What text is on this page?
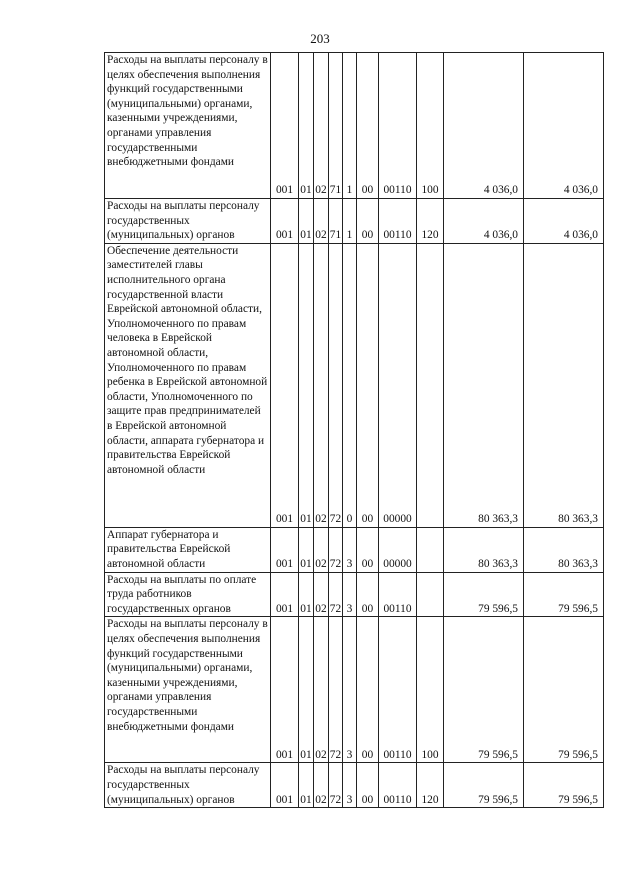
203
Расходы на выплаты персоналу в целях обеспечения выполнения функций государственными (муниципальными) органами, казенными учреждениями, органами управления государственными внебюджетными фондами	001	01	02	71	1	00	00110	100	4 036,0	4 036,0
Расходы на выплаты персоналу государственных (муниципальных) органов	001	01	02	71	1	00	00110	120	4 036,0	4 036,0
Обеспечение деятельности заместителей главы исполнительного органа государственной власти Еврейской автономной области, Уполномоченного по правам человека в Еврейской автономной области, Уполномоченного по правам ребенка в Еврейской автономной области, Уполномоченного по защите прав предпринимателей в Еврейской автономной области, аппарата губернатора и правительства Еврейской автономной области	001	01	02	72	0	00	00000		80 363,3	80 363,3
Аппарат губернатора и правительства Еврейской автономной области	001	01	02	72	3	00	00000		80 363,3	80 363,3
Расходы на выплаты по оплате труда работников государственных органов	001	01	02	72	3	00	00110		79 596,5	79 596,5
Расходы на выплаты персоналу в целях обеспечения выполнения функций государственными (муниципальными) органами, казенными учреждениями, органами управления государственными внебюджетными фондами	001	01	02	72	3	00	00110	100	79 596,5	79 596,5
Расходы на выплаты персоналу государственных (муниципальных) органов	001	01	02	72	3	00	00110	120	79 596,5	79 596,5
